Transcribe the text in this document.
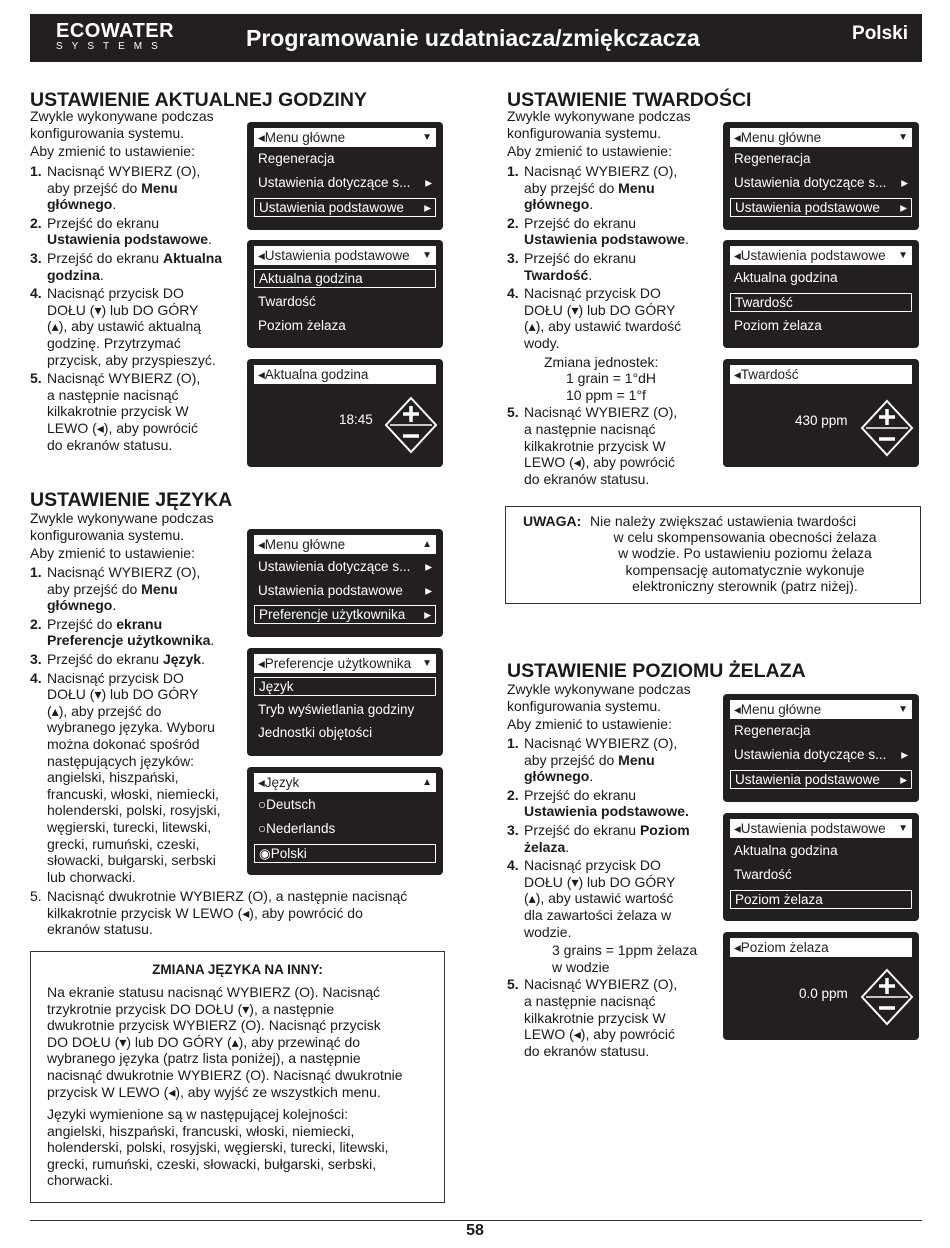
ECOWATER
SYSTEMS	Programowanie uzdatniacza/zmiękczacza	Polski
USTAWIENIE AKTUALNEJ GODZINY

Zwykle wykonywane podczas

konfigurowania systemu.

Aby zmienić to ustawienie:

1. Nacisnąć WYBIERZ (O),
aby przejść do Menu
głównego.
2. Przejść do ekranu
Ustawienia podstawowe.
3. Przejść do ekranu Aktualna
godzina.
4. Nacisnąć przycisk DO
DOŁU (▾) lub DO GÓRY
(▴), aby ustawić aktualną
godzinę. Przytrzymać
przycisk, aby przyspieszyć.
5. Nacisnąć WYBIERZ (O),
a następnie nacisnąć
kilkakrotnie przycisk W
LEWO (◂), aby powrócić
do ekranów statusu.
◂Menu główne	▼
Regeneracja
Ustawienia dotyczące s... ▸
Ustawienia podstawowe ▸
◂Ustawienia podstawowe ▼
Aktualna godzina
Twardość
Poziom żelaza
◂Aktualna godzina
18:45
USTAWIENIE JĘZYKA

Zwykle wykonywane podczas

konfigurowania systemu.

Aby zmienić to ustawienie:

1. Nacisnąć WYBIERZ (O),
aby przejść do Menu
głównego.
2. Przejść do ekranu
Preferencje użytkownika.
3. Przejść do ekranu Język.
4. Nacisnąć przycisk DO
DOŁU (▾) lub DO GÓRY
(▴), aby przejść do
wybranego języka. Wyboru
można dokonać spośród
następujących języków:
angielski, hiszpański,
francuski, włoski, niemiecki,
holenderski, polski, rosyjski,
węgierski, turecki, litewski,
grecki, rumuński, czeski,
słowacki, bułgarski, serbski
lub chorwacki.
5. Nacisnąć dwukrotnie WYBIERZ (O), a następnie nacisnąć
kilkakrotnie przycisk W LEWO (◂), aby powrócić do
ekranów statusu.
◂Menu główne	▲

Ustawienia dotyczące s... ▸
Ustawienia podstawowe ▸
Preferencje użytkownika ▸
◂Preferencje użytkownika ▼
Język
Tryb wyświetlania godziny
Jednostki objętości
◂Język	▲
○Deutsch
○Nederlands
◉Polski
ZMIANA JĘZYKA NA INNY:
Na ekranie statusu nacisnąć WYBIERZ (O). Nacisnąć
trzykrotnie przycisk DO DOŁU (▾), a następnie
dwukrotnie przycisk WYBIERZ (O). Nacisnąć przycisk
DO DOŁU (▾) lub DO GÓRY (▴), aby przewinąć do
wybranego języka (patrz lista poniżej), a następnie
nacisnąć dwukrotnie WYBIERZ (O). Nacisnąć dwukrotnie
przycisk W LEWO (◂), aby wyjść ze wszystkich menu.
Języki wymienione są w następującej kolejności:
angielski, hiszpański, francuski, włoski, niemiecki,
holenderski, polski, rosyjski, węgierski, turecki, litewski,
grecki, rumuński, czeski, słowacki, bułgarski, serbski,
chorwacki.
USTAWIENIE TWARDOŚCI

Zwykle wykonywane podczas

konfigurowania systemu.

Aby zmienić to ustawienie:

1. Nacisnąć WYBIERZ (O),
aby przejść do Menu
głównego.
2. Przejść do ekranu
Ustawienia podstawowe.
3. Przejść do ekranu
Twardość.
4. Nacisnąć przycisk DO
DOŁU (▾) lub DO GÓRY
(▴), aby ustawić twardość
wody.
Zmiana jednostek:
1 grain = 1°dH
10 ppm = 1°f
5. Nacisnąć WYBIERZ (O),
a następnie nacisnąć
kilkakrotnie przycisk W
LEWO (◂), aby powrócić
do ekranów statusu.
◂Menu główne	▼
Regeneracja
Ustawienia dotyczące s... ▸
Ustawienia podstawowe ▸
◂Ustawienia podstawowe ▼
Aktualna godzina
Twardość
Poziom żelaza
◂Twardość
430 ppm
UWAGA: Nie należy zwiększać ustawienia twardości
w celu skompensowania obecności żelaza
w wodzie. Po ustawieniu poziomu żelaza
kompensację automatycznie wykonuje
elektroniczny sterownik (patrz niżej).
USTAWIENIE POZIOMU ŻELAZA

Zwykle wykonywane podczas

konfigurowania systemu.

Aby zmienić to ustawienie:

1. Nacisnąć WYBIERZ (O),
aby przejść do Menu
głównego.
2. Przejść do ekranu
Ustawienia podstawowe.
3. Przejść do ekranu Poziom
żelaza.
4. Nacisnąć przycisk DO
DOŁU (▾) lub DO GÓRY
(▴), aby ustawić wartość
dla zawartości żelaza w
wodzie.
3 grains = 1ppm żelaza
w wodzie
5. Nacisnąć WYBIERZ (O),
a następnie nacisnąć
kilkakrotnie przycisk W
LEWO (◂), aby powrócić
do ekranów statusu.
◂Menu główne	▼
Regeneracja
Ustawienia dotyczące s... ▸
Ustawienia podstawowe ▸
◂Ustawienia podstawowe ▼
Aktualna godzina
Twardość
Poziom żelaza
◂Poziom żelaza
0.0 ppm
58
